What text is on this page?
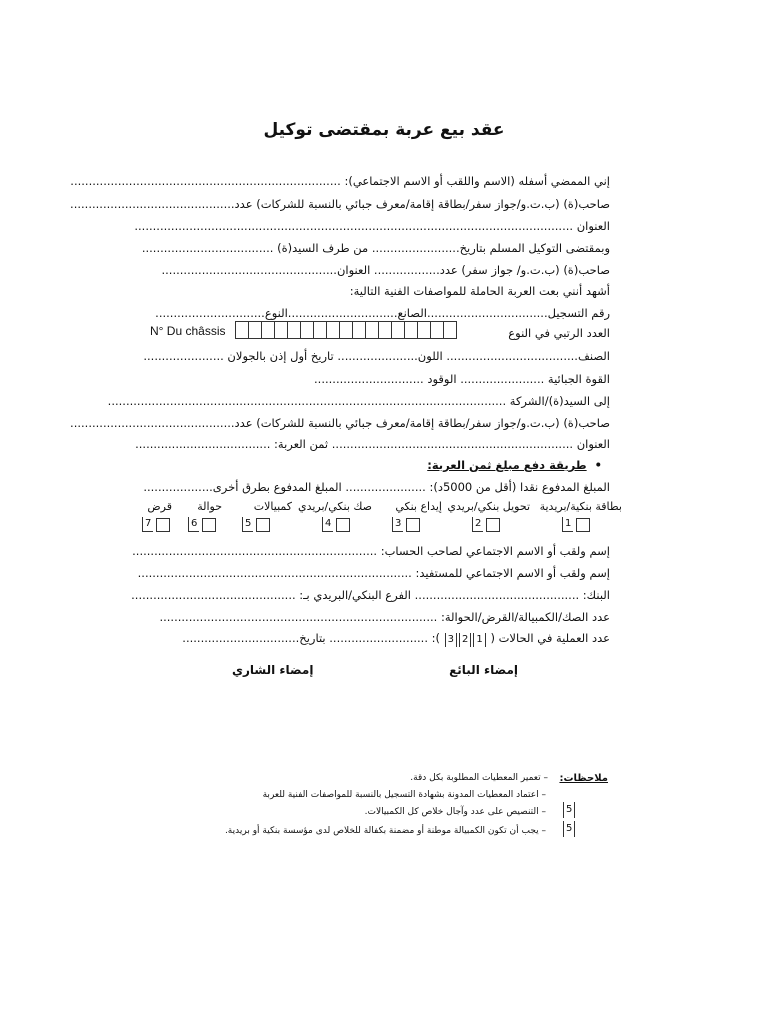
عقد بيع عربة بمقتضى توكيل
إني الممضي أسفله (الاسم واللقب أو الاسم الاجتماعي): ..........................................................................
صاحب(ة) (ب.ت.و/جواز سفر/بطاقة إقامة/معرف جبائي بالنسبة للشركات) عدد.............................................
العنوان ........................................................................................................................
وبمقتضى التوكيل المسلم بتاريخ........................ من طرف السيد(ة) ....................................
صاحب(ة) (ب.ت.و/ جواز سفر) عدد.................. العنوان................................................
أشهد أنني بعت العربة الحاملة للمواصفات الفنية التالية:
رقم التسجيل.................................الصانع..............................النوع..............................
العدد الرتبي في النوع
N° Du châssis
الصنف.................................... اللون...................... تاريخ أول إذن بالجولان ......................
القوة الجبائية ....................... الوقود ..............................
إلى السيد(ة)/الشركة .............................................................................................................
صاحب(ة) (ب.ت.و/جواز سفر/بطاقة إقامة/معرف جبائي بالنسبة للشركات) عدد.............................................
العنوان .................................................................. ثمن العربة: .....................................
•طريقة دفع مبلغ ثمن العربة:
المبلغ المدفوع نقدا (أقل من 5000د): ...................... المبلغ المدفوع بطرق أخرى...................
بطاقة بنكية/بريدية
تحويل بنكي/بريدي
إيداع بنكي
صك بنكي/بريدي
كمبيالات
حوالة
قرض
1
2
3
4
5
6
7
إسم ولقب أو الاسم الاجتماعي لصاحب الحساب: ...................................................................
إسم ولقب أو الاسم الاجتماعي للمستفيد: ...........................................................................
البنك: ............................................. الفرع البنكي/البريدي بـ: .............................................
عدد الصك/الكمبيالة/القرض/الحوالة: ............................................................................
عدد العملية في الحالات ( 3 2 1 ): ........................... بتاريخ................................
إمضاء البائع
إمضاء الشاري
ملاحظات:
– تعمير المعطيات المطلوبة بكل دقة.
– اعتماد المعطيات المدونة بشهادة التسجيل بالنسبة للمواصفات الفنية للعربة
5
– التنصيص على عدد وآجال خلاص كل الكمبيالات.
5
– يجب أن تكون الكمبيالة موطنة أو مضمنة بكفالة للخلاص لدى مؤسسة بنكية أو بريدية.
